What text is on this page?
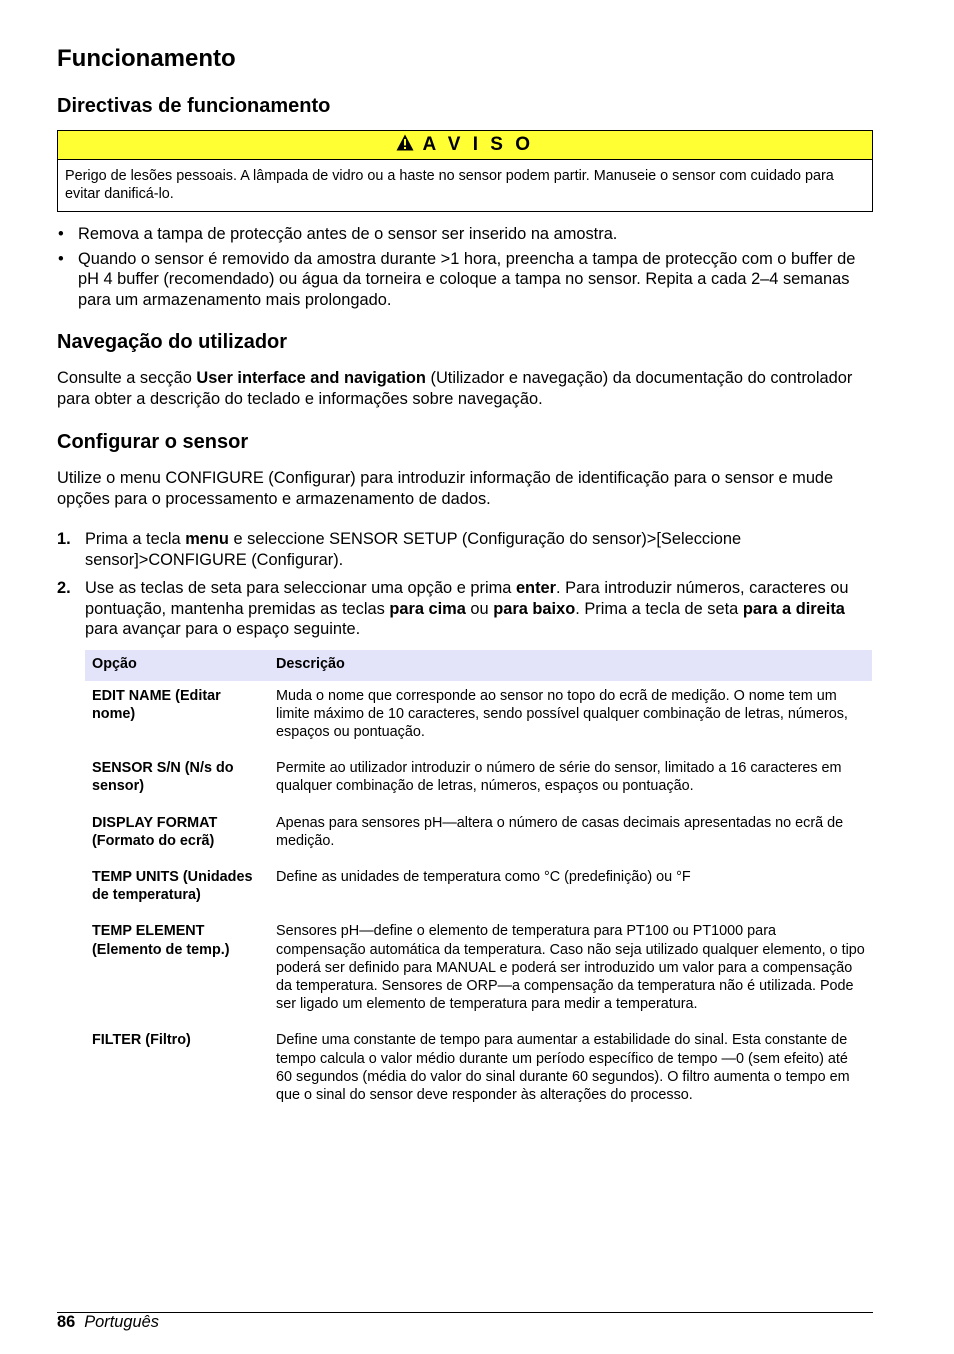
Funcionamento
Directivas de funcionamento
A V I S O
Perigo de lesões pessoais. A lâmpada de vidro ou a haste no sensor podem partir. Manuseie o sensor com cuidado para evitar danificá-lo.
• Remova a tampa de protecção antes de o sensor ser inserido na amostra.
• Quando o sensor é removido da amostra durante >1 hora, preencha a tampa de protecção com o buffer de pH 4 buffer (recomendado) ou água da torneira e coloque a tampa no sensor. Repita a cada 2–4 semanas para um armazenamento mais prolongado.
Navegação do utilizador

Consulte a secção User interface and navigation (Utilizador e navegação) da documentação do controlador para obter a descrição do teclado e informações sobre navegação.

Configurar o sensor

Utilize o menu CONFIGURE (Configurar) para introduzir informação de identificação para o sensor e mude opções para o processamento e armazenamento de dados.

1. Prima a tecla menu e seleccione SENSOR SETUP (Configuração do sensor)>[Seleccione sensor]>CONFIGURE (Configurar).
2. Use as teclas de seta para seleccionar uma opção e prima enter. Para introduzir números, caracteres ou pontuação, mantenha premidas as teclas para cima ou para baixo. Prima a tecla de seta para a direita para avançar para o espaço seguinte.
Opção	Descrição
EDIT NAME (Editar nome)	Muda o nome que corresponde ao sensor no topo do ecrã de medição. O nome tem um limite máximo de 10 caracteres, sendo possível qualquer combinação de letras, números, espaços ou pontuação.
SENSOR S/N (N/s do sensor)	Permite ao utilizador introduzir o número de série do sensor, limitado a 16 caracteres em qualquer combinação de letras, números, espaços ou pontuação.
DISPLAY FORMAT (Formato do ecrã)	Apenas para sensores pH—altera o número de casas decimais apresentadas no ecrã de medição.
TEMP UNITS (Unidades de temperatura)	Define as unidades de temperatura como °C (predefinição) ou °F
TEMP ELEMENT (Elemento de temp.)	Sensores pH—define o elemento de temperatura para PT100 ou PT1000 para compensação automática da temperatura. Caso não seja utilizado qualquer elemento, o tipo poderá ser definido para MANUAL e poderá ser introduzido um valor para a compensação da temperatura. Sensores de ORP—a compensação da temperatura não é utilizada. Pode ser ligado um elemento de temperatura para medir a temperatura.
FILTER (Filtro)	Define uma constante de tempo para aumentar a estabilidade do sinal. Esta constante de tempo calcula o valor médio durante um período específico de tempo —0 (sem efeito) até 60 segundos (média do valor do sinal durante 60 segundos). O filtro aumenta o tempo em que o sinal do sensor deve responder às alterações do processo.
86 Português
